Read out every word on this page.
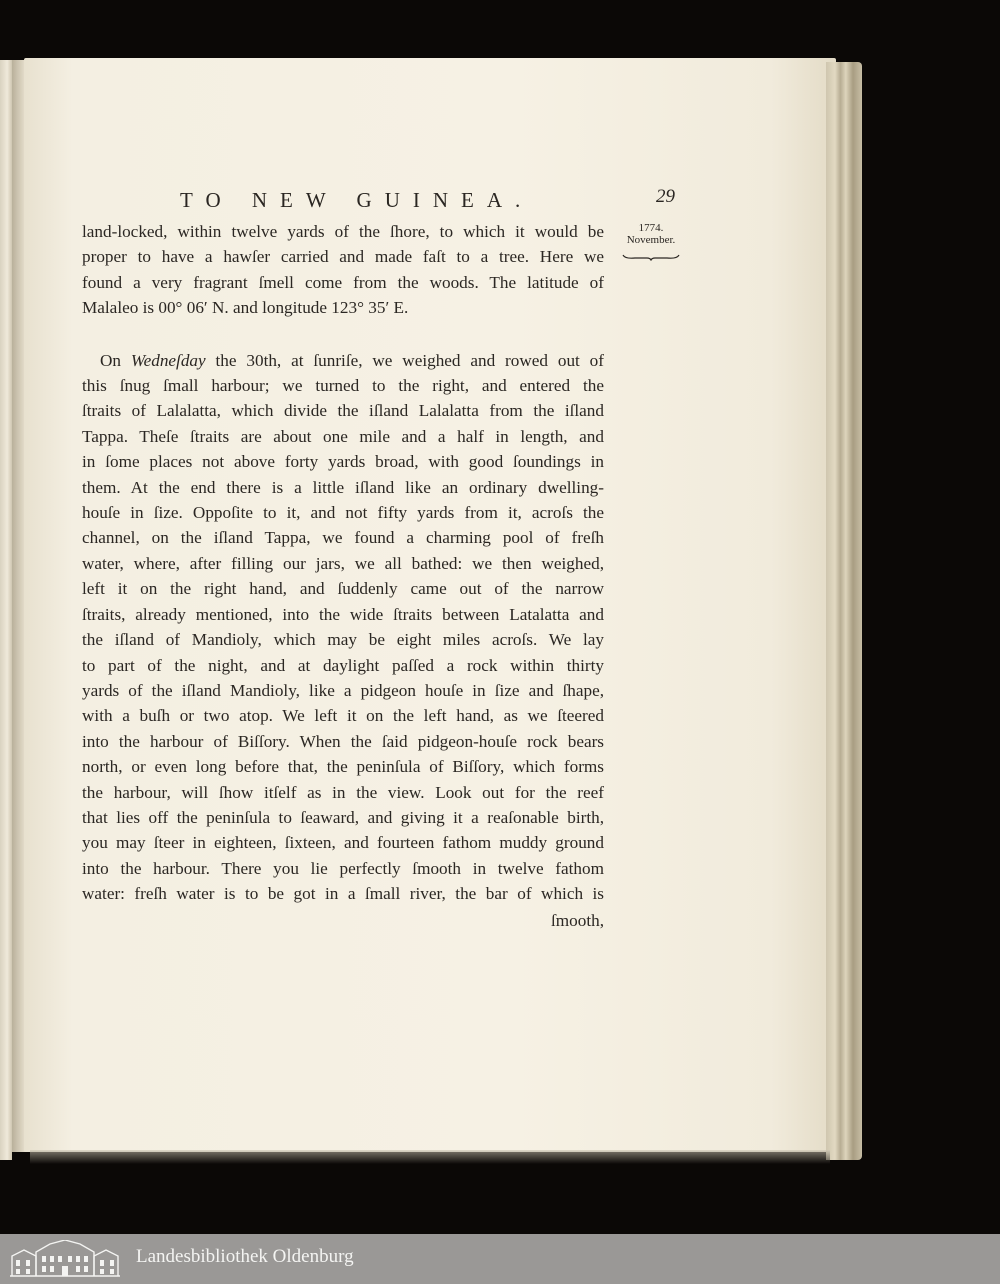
TO NEW GUINEA.	29
1774.
November.
land-locked, within twelve yards of the ſhore, to which it would be
proper to have a hawſer carried and made faſt to a tree. Here we
found a very fragrant ſmell come from the woods. The latitude of
Malaleo is 00° 06′ N. and longitude 123° 35′ E.
On Wedneſday the 30th, at ſunriſe, we weighed and rowed out of
this ſnug ſmall harbour; we turned to the right, and entered the
ſtraits of Lalalatta, which divide the iſland Lalalatta from the iſland
Tappa. Theſe ſtraits are about one mile and a half in length, and
in ſome places not above forty yards broad, with good ſoundings in
them. At the end there is a little iſland like an ordinary dwelling-
houſe in ſize. Oppoſite to it, and not fifty yards from it, acroſs the
channel, on the iſland Tappa, we found a charming pool of freſh
water, where, after filling our jars, we all bathed: we then weighed,
left it on the right hand, and ſuddenly came out of the narrow
ſtraits, already mentioned, into the wide ſtraits between Latalatta and
the iſland of Mandioly, which may be eight miles acroſs. We lay
to part of the night, and at daylight paſſed a rock within thirty
yards of the iſland Mandioly, like a pidgeon houſe in ſize and ſhape,
with a buſh or two atop. We left it on the left hand, as we ſteered
into the harbour of Biſſory. When the ſaid pidgeon-houſe rock bears
north, or even long before that, the peninſula of Biſſory, which forms
the harbour, will ſhow itſelf as in the view. Look out for the reef
that lies off the peninſula to ſeaward, and giving it a reaſonable birth,
you may ſteer in eighteen, ſixteen, and fourteen fathom muddy ground
into the harbour. There you lie perfectly ſmooth in twelve fathom
water: freſh water is to be got in a ſmall river, the bar of which is
ſmooth,
Landesbibliothek Oldenburg
